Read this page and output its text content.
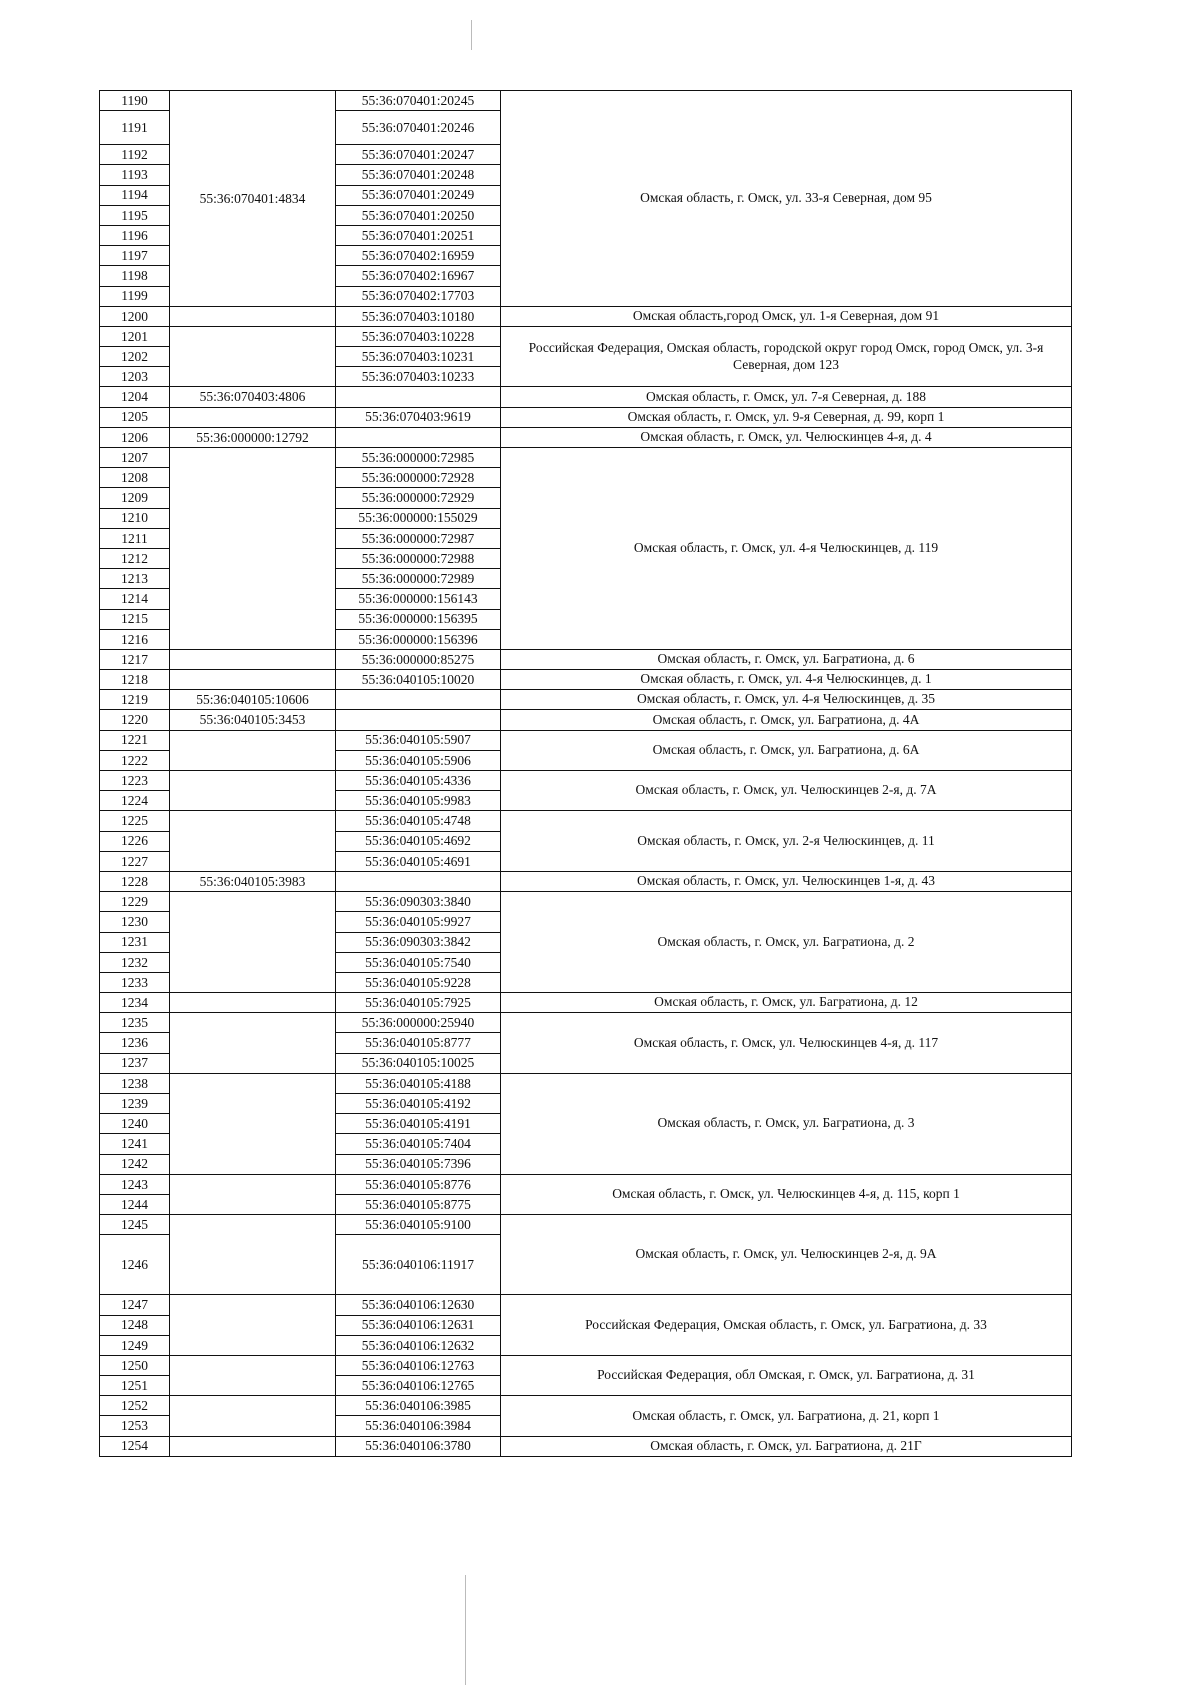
1190	55:36:070401:4834	55:36:070401:20245	Омская область, г. Омск, ул. 33-я Северная, дом 95
1191		55:36:070401:20246	
1192		55:36:070401:20247	
1193		55:36:070401:20248	
1194		55:36:070401:20249	
1195		55:36:070401:20250	
1196		55:36:070401:20251	
1197		55:36:070402:16959	
1198		55:36:070402:16967	
1199		55:36:070402:17703	
1200		55:36:070403:10180	Омская область,город Омск, ул. 1-я Северная, дом 91
1201		55:36:070403:10228	Российская Федерация, Омская область, городской округ город Омск, город Омск, ул. 3-я Северная, дом 123
1202		55:36:070403:10231	
1203		55:36:070403:10233	
1204	55:36:070403:4806		Омская область, г. Омск, ул. 7-я Северная, д. 188
1205		55:36:070403:9619	Омская область, г. Омск, ул. 9-я Северная, д. 99, корп 1
1206	55:36:000000:12792		Омская область, г. Омск, ул. Челюскинцев 4-я, д. 4
1207		55:36:000000:72985	Омская область, г. Омск, ул. 4-я Челюскинцев, д. 119
1208		55:36:000000:72928	
1209		55:36:000000:72929	
1210		55:36:000000:155029	
1211		55:36:000000:72987	
1212		55:36:000000:72988	
1213		55:36:000000:72989	
1214		55:36:000000:156143	
1215		55:36:000000:156395	
1216		55:36:000000:156396	
1217		55:36:000000:85275	Омская область, г. Омск, ул. Багратиона, д. 6
1218		55:36:040105:10020	Омская область, г. Омск, ул. 4-я Челюскинцев, д. 1
1219	55:36:040105:10606		Омская область, г. Омск, ул. 4-я Челюскинцев, д. 35
1220	55:36:040105:3453		Омская область, г. Омск, ул. Багратиона, д. 4А
1221		55:36:040105:5907	Омская область, г. Омск, ул. Багратиона, д. 6А
1222		55:36:040105:5906	
1223		55:36:040105:4336	Омская область, г. Омск, ул. Челюскинцев 2-я, д. 7А
1224		55:36:040105:9983	
1225		55:36:040105:4748	Омская область, г. Омск, ул. 2-я Челюскинцев, д. 11
1226		55:36:040105:4692	
1227		55:36:040105:4691	
1228	55:36:040105:3983		Омская область, г. Омск, ул. Челюскинцев 1-я, д. 43
1229		55:36:090303:3840	Омская область, г. Омск, ул. Багратиона, д. 2
1230		55:36:040105:9927	
1231		55:36:090303:3842	
1232		55:36:040105:7540	
1233		55:36:040105:9228	
1234		55:36:040105:7925	Омская область, г. Омск, ул. Багратиона, д. 12
1235		55:36:000000:25940	Омская область, г. Омск, ул. Челюскинцев 4-я, д. 117
1236		55:36:040105:8777	
1237		55:36:040105:10025	
1238		55:36:040105:4188	Омская область, г. Омск, ул. Багратиона, д. 3
1239		55:36:040105:4192	
1240		55:36:040105:4191	
1241		55:36:040105:7404	
1242		55:36:040105:7396	
1243		55:36:040105:8776	Омская область, г. Омск, ул. Челюскинцев 4-я, д. 115, корп 1
1244		55:36:040105:8775	
1245		55:36:040105:9100	Омская область, г. Омск, ул. Челюскинцев 2-я, д. 9А
1246		55:36:040106:11917	
1247		55:36:040106:12630	Российская Федерация, Омская область, г. Омск, ул. Багратиона, д. 33
1248		55:36:040106:12631	
1249		55:36:040106:12632	
1250		55:36:040106:12763	Российская Федерация, обл Омская, г. Омск, ул. Багратиона, д. 31
1251		55:36:040106:12765	
1252		55:36:040106:3985	Омская область, г. Омск, ул. Багратиона, д. 21, корп 1
1253		55:36:040106:3984	
1254		55:36:040106:3780	Омская область, г. Омск, ул. Багратиона, д. 21Г
